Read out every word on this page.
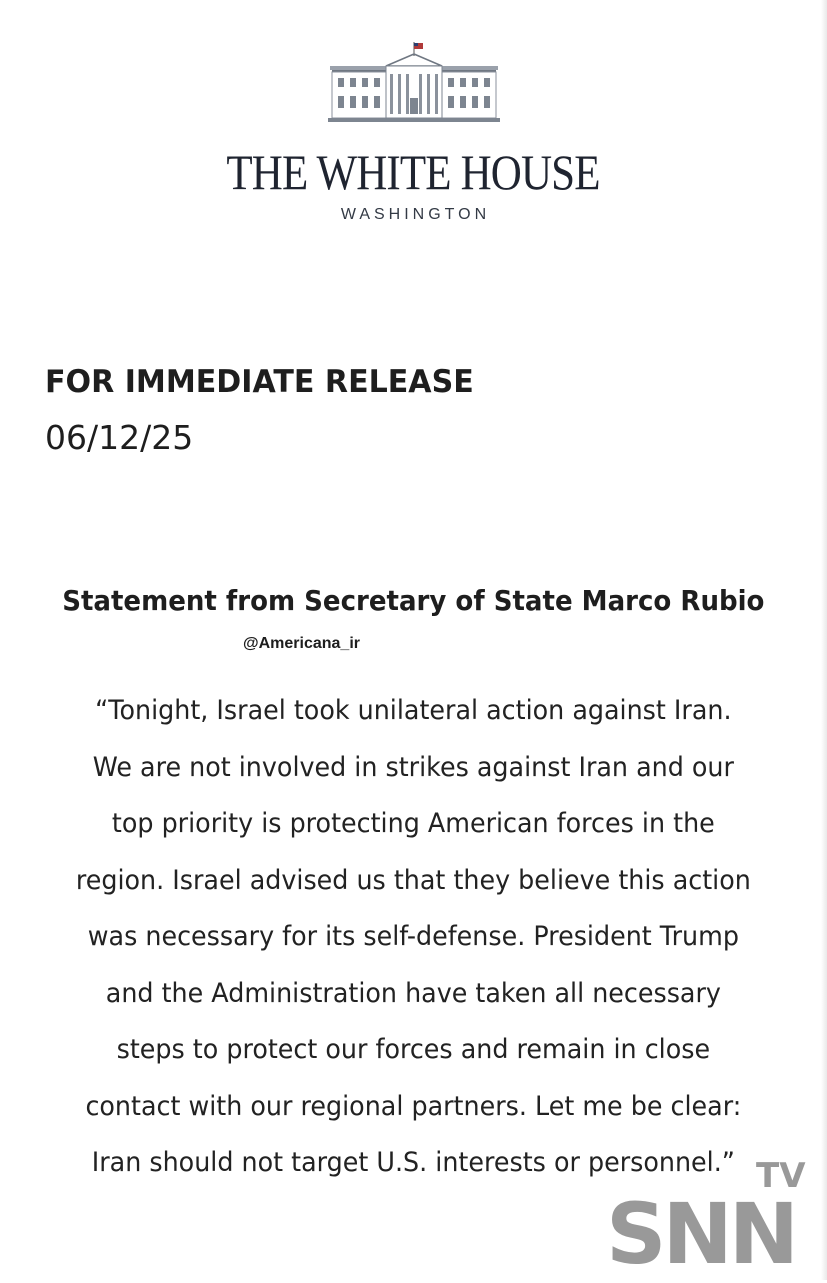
THE WHITE HOUSE
WASHINGTON
FOR IMMEDIATE RELEASE
06/12/25
Statement from Secretary of State Marco Rubio
@Americana_ir
“Tonight, Israel took unilateral action against Iran.
We are not involved in strikes against Iran and our
top priority is protecting American forces in the
region. Israel advised us that they believe this action
was necessary for its self-defense. President Trump
and the Administration have taken all necessary
steps to protect our forces and remain in close
contact with our regional partners. Let me be clear:
Iran should not target U.S. interests or personnel.” TV
SNN
